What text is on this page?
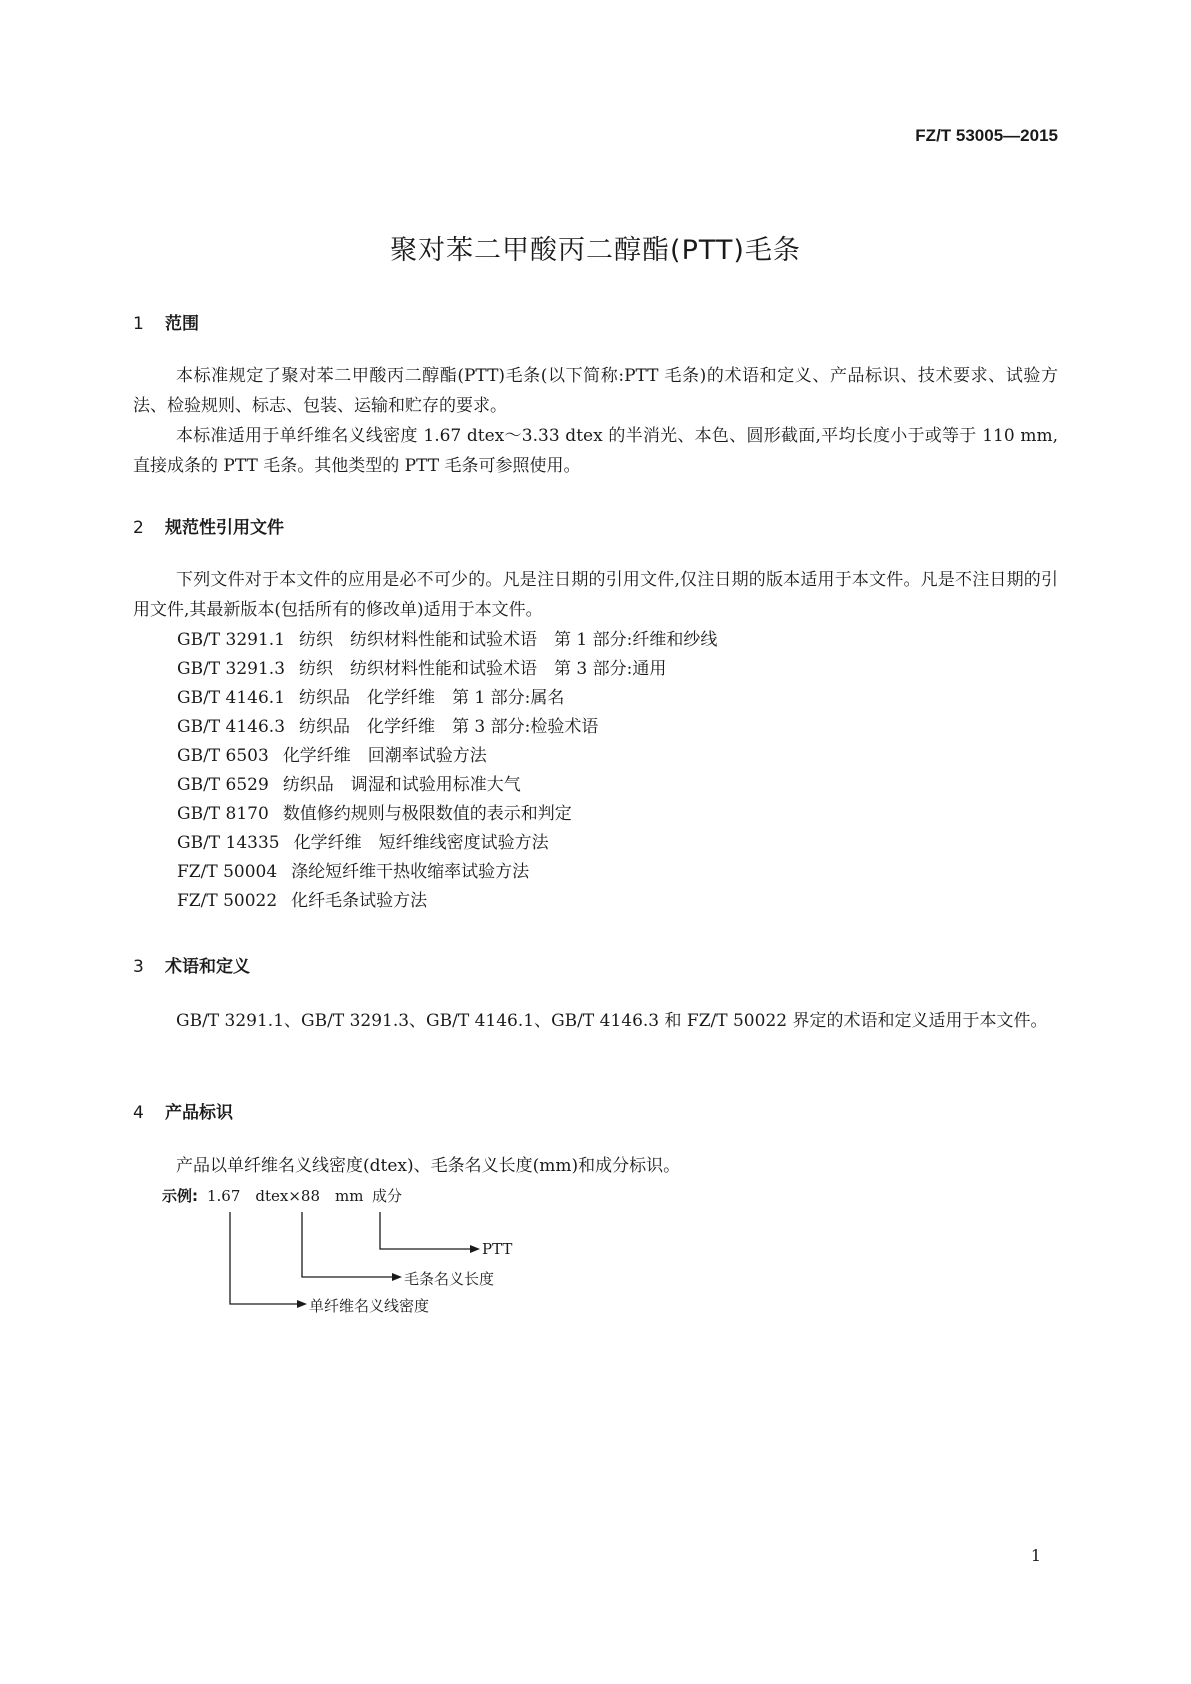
FZ/T 53005—2015
聚对苯二甲酸丙二醇酯(PTT)毛条
1 范围
本标准规定了聚对苯二甲酸丙二醇酯(PTT)毛条(以下简称:PTT 毛条)的术语和定义、产品标识、技术要求、试验方法、检验规则、标志、包装、运输和贮存的要求。
本标准适用于单纤维名义线密度 1.67 dtex～3.33 dtex 的半消光、本色、圆形截面,平均长度小于或等于 110 mm,直接成条的 PTT 毛条。其他类型的 PTT 毛条可参照使用。
2 规范性引用文件
下列文件对于本文件的应用是必不可少的。凡是注日期的引用文件,仅注日期的版本适用于本文件。凡是不注日期的引用文件,其最新版本(包括所有的修改单)适用于本文件。
GB/T 3291.1 纺织　纺织材料性能和试验术语　第 1 部分:纤维和纱线
GB/T 3291.3 纺织　纺织材料性能和试验术语　第 3 部分:通用
GB/T 4146.1 纺织品　化学纤维　第 1 部分:属名
GB/T 4146.3 纺织品　化学纤维　第 3 部分:检验术语
GB/T 6503 化学纤维　回潮率试验方法
GB/T 6529 纺织品　调湿和试验用标准大气
GB/T 8170 数值修约规则与极限数值的表示和判定
GB/T 14335 化学纤维　短纤维线密度试验方法
FZ/T 50004 涤纶短纤维干热收缩率试验方法
FZ/T 50022 化纤毛条试验方法
3 术语和定义
GB/T 3291.1、GB/T 3291.3、GB/T 4146.1、GB/T 4146.3 和 FZ/T 50022 界定的术语和定义适用于本文件。
4 产品标识
产品以单纤维名义线密度(dtex)、毛条名义长度(mm)和成分标识。
示例: 1.67　dtex×88　mm 成分
PTT
毛条名义长度
单纤维名义线密度
1
